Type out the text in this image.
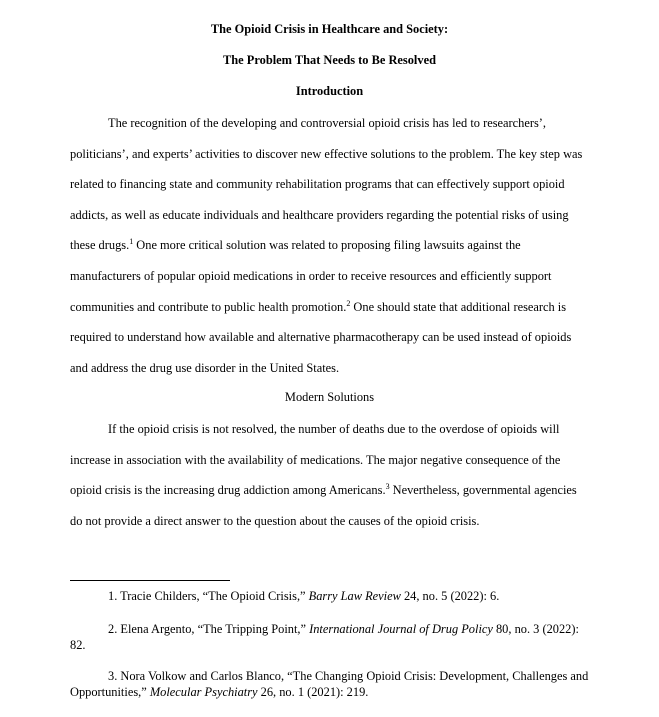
The Opioid Crisis in Healthcare and Society:

The Problem That Needs to Be Resolved

Introduction

The recognition of the developing and controversial opioid crisis has led to researchers’, politicians’, and experts’ activities to discover new effective solutions to the problem. The key step was related to financing state and community rehabilitation programs that can effectively support opioid addicts, as well as educate individuals and healthcare providers regarding the potential risks of using these drugs.$^1$ One more critical solution was related to proposing filing lawsuits against the manufacturers of popular opioid medications in order to receive resources and efficiently support communities and contribute to public health promotion.$^2$ One should state that additional research is required to understand how available and alternative pharmacotherapy can be used instead of opioids and address the drug use disorder in the United States.

Modern Solutions

If the opioid crisis is not resolved, the number of deaths due to the overdose of opioids will increase in association with the availability of medications. The major negative consequence of the opioid crisis is the increasing drug addiction among Americans.$^3$ Nevertheless, governmental agencies do not provide a direct answer to the question about the causes of the opioid crisis.

1. Tracie Childers, “The Opioid Crisis,” Barry Law Review 24, no. 5 (2022): 6.

2. Elena Argento, “The Tripping Point,” International Journal of Drug Policy 80, no. 3 (2022): 82.

3. Nora Volkow and Carlos Blanco, “The Changing Opioid Crisis: Development, Challenges and Opportunities,” Molecular Psychiatry 26, no. 1 (2021): 219.
